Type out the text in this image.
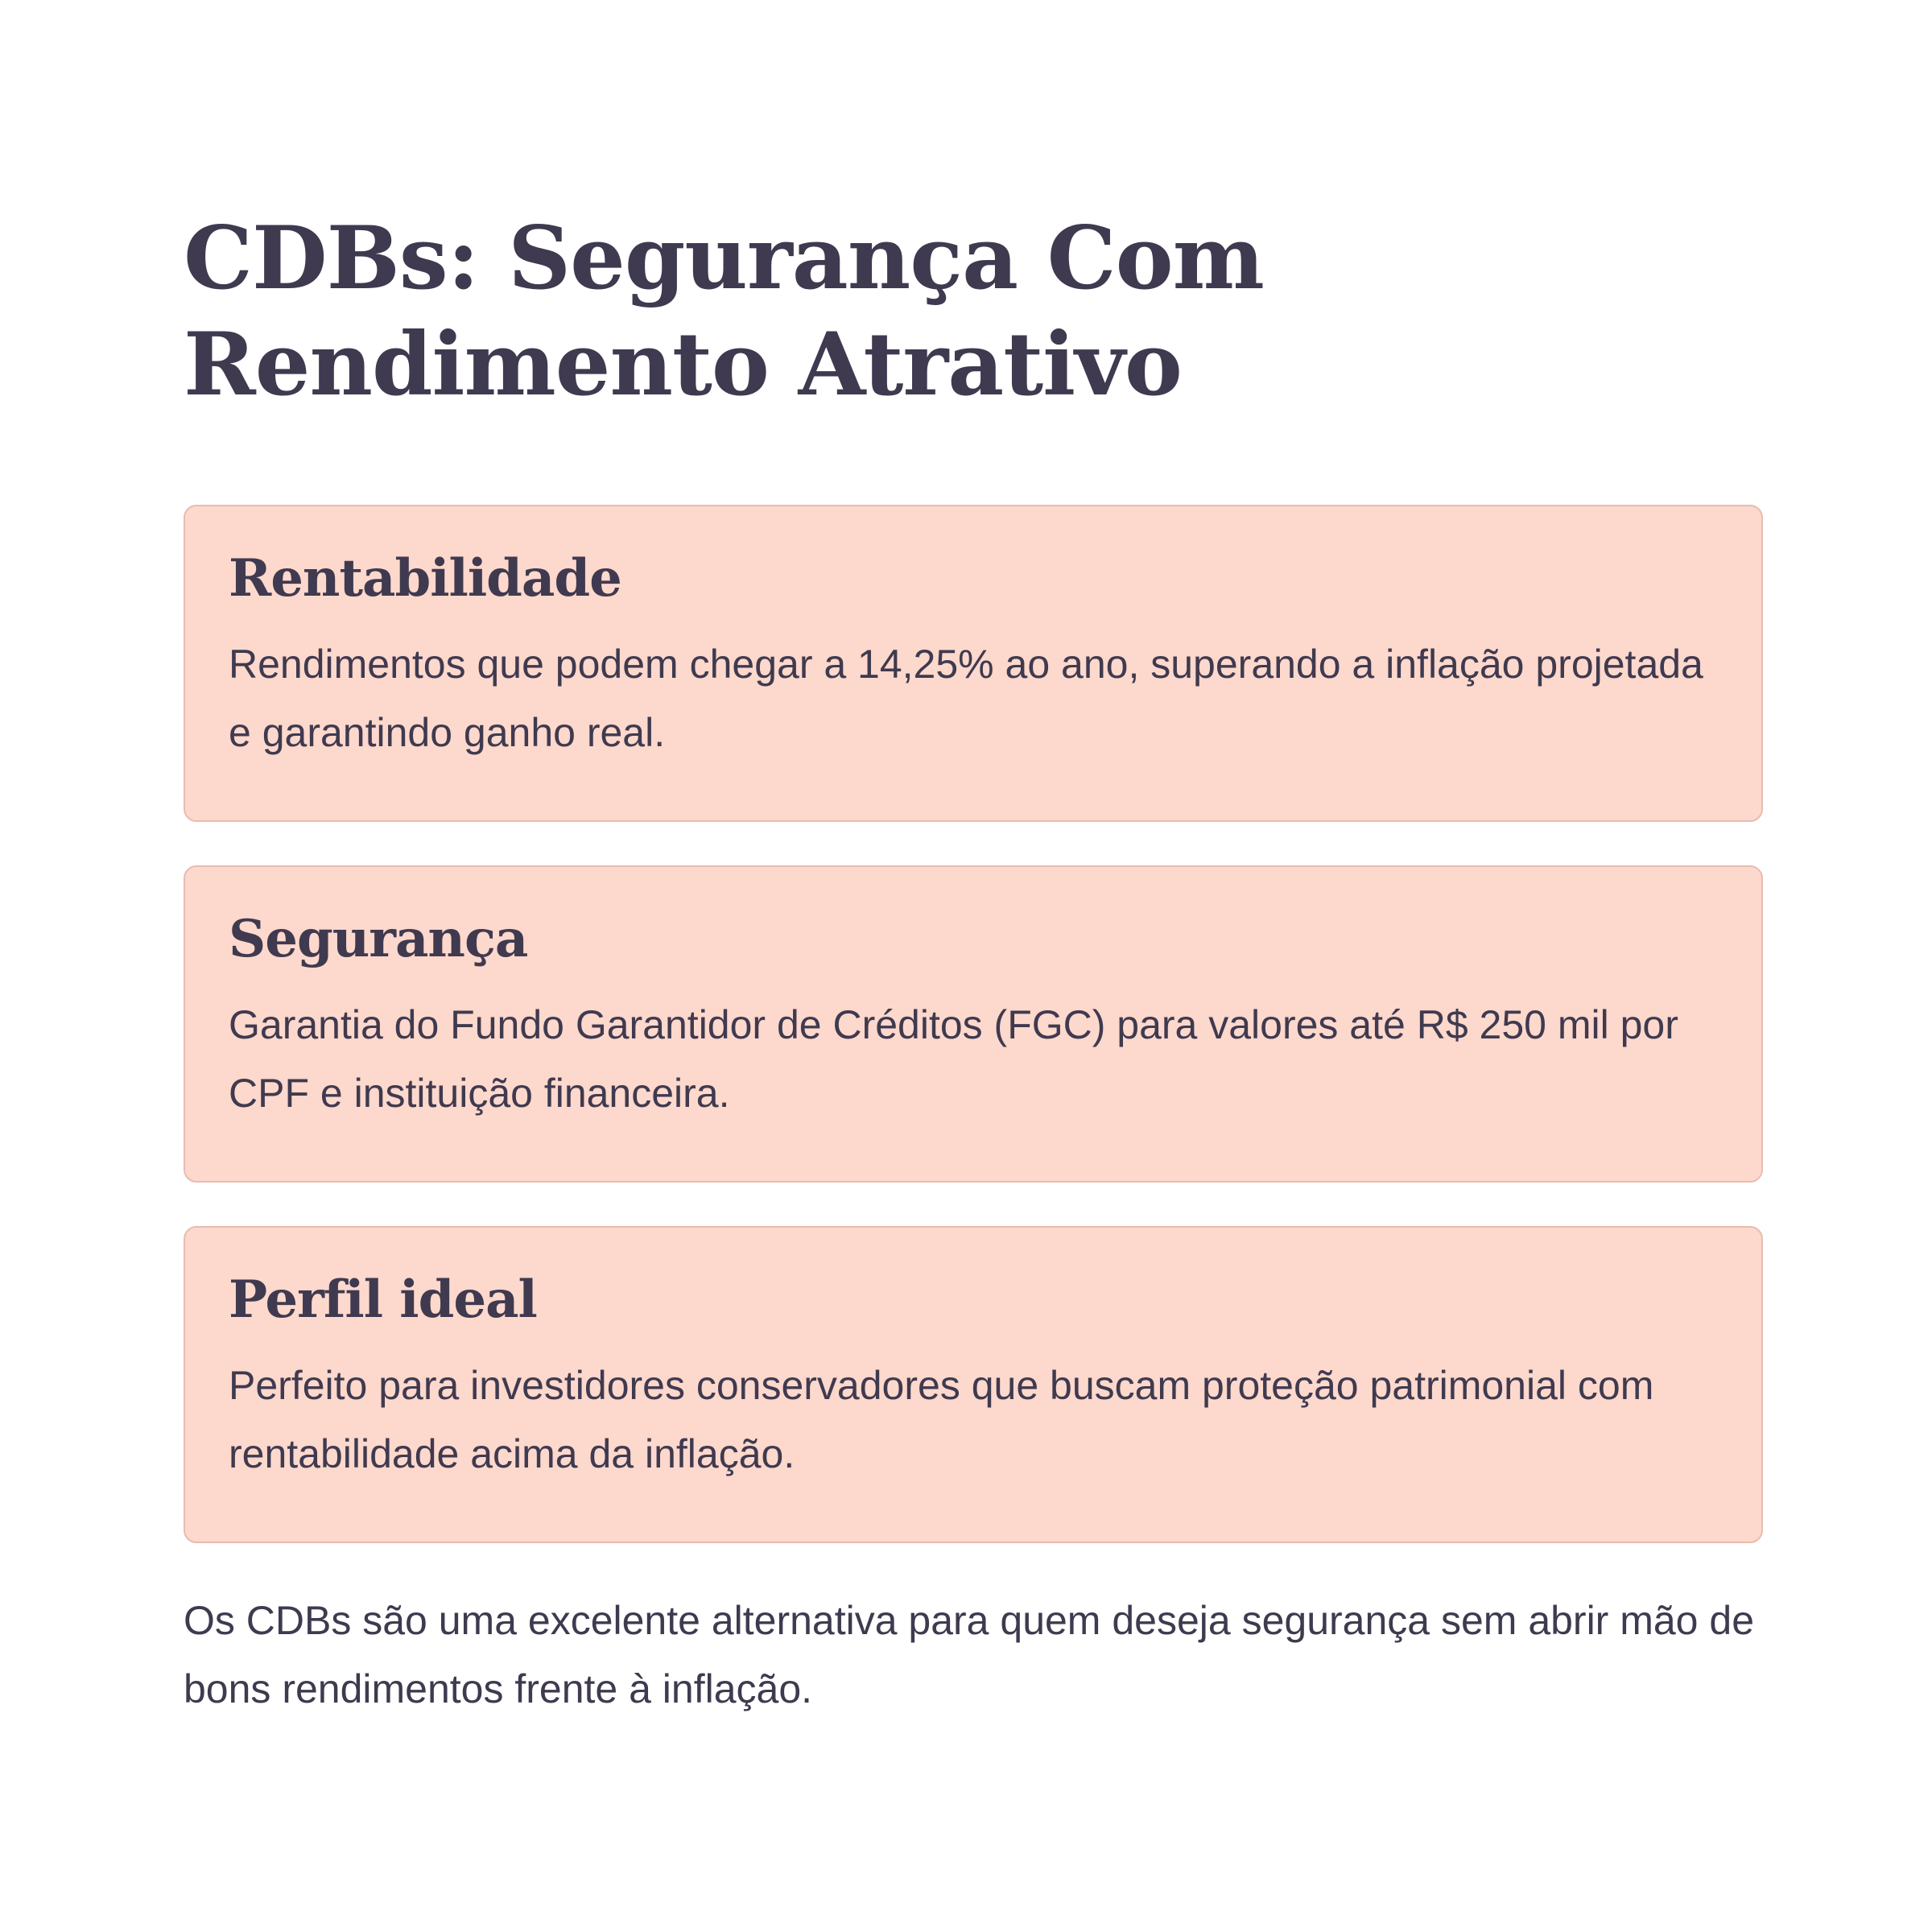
CDBs: Segurança Com Rendimento Atrativo
Rentabilidade

Rendimentos que podem chegar a 14,25% ao ano, superando a inflação projetada e garantindo ganho real.

Segurança

Garantia do Fundo Garantidor de Créditos (FGC) para valores até R$ 250 mil por CPF e instituição financeira.

Perfil ideal

Perfeito para investidores conservadores que buscam proteção patrimonial com rentabilidade acima da inflação.

Os CDBs são uma excelente alternativa para quem deseja segurança sem abrir mão de bons rendimentos frente à inflação.
